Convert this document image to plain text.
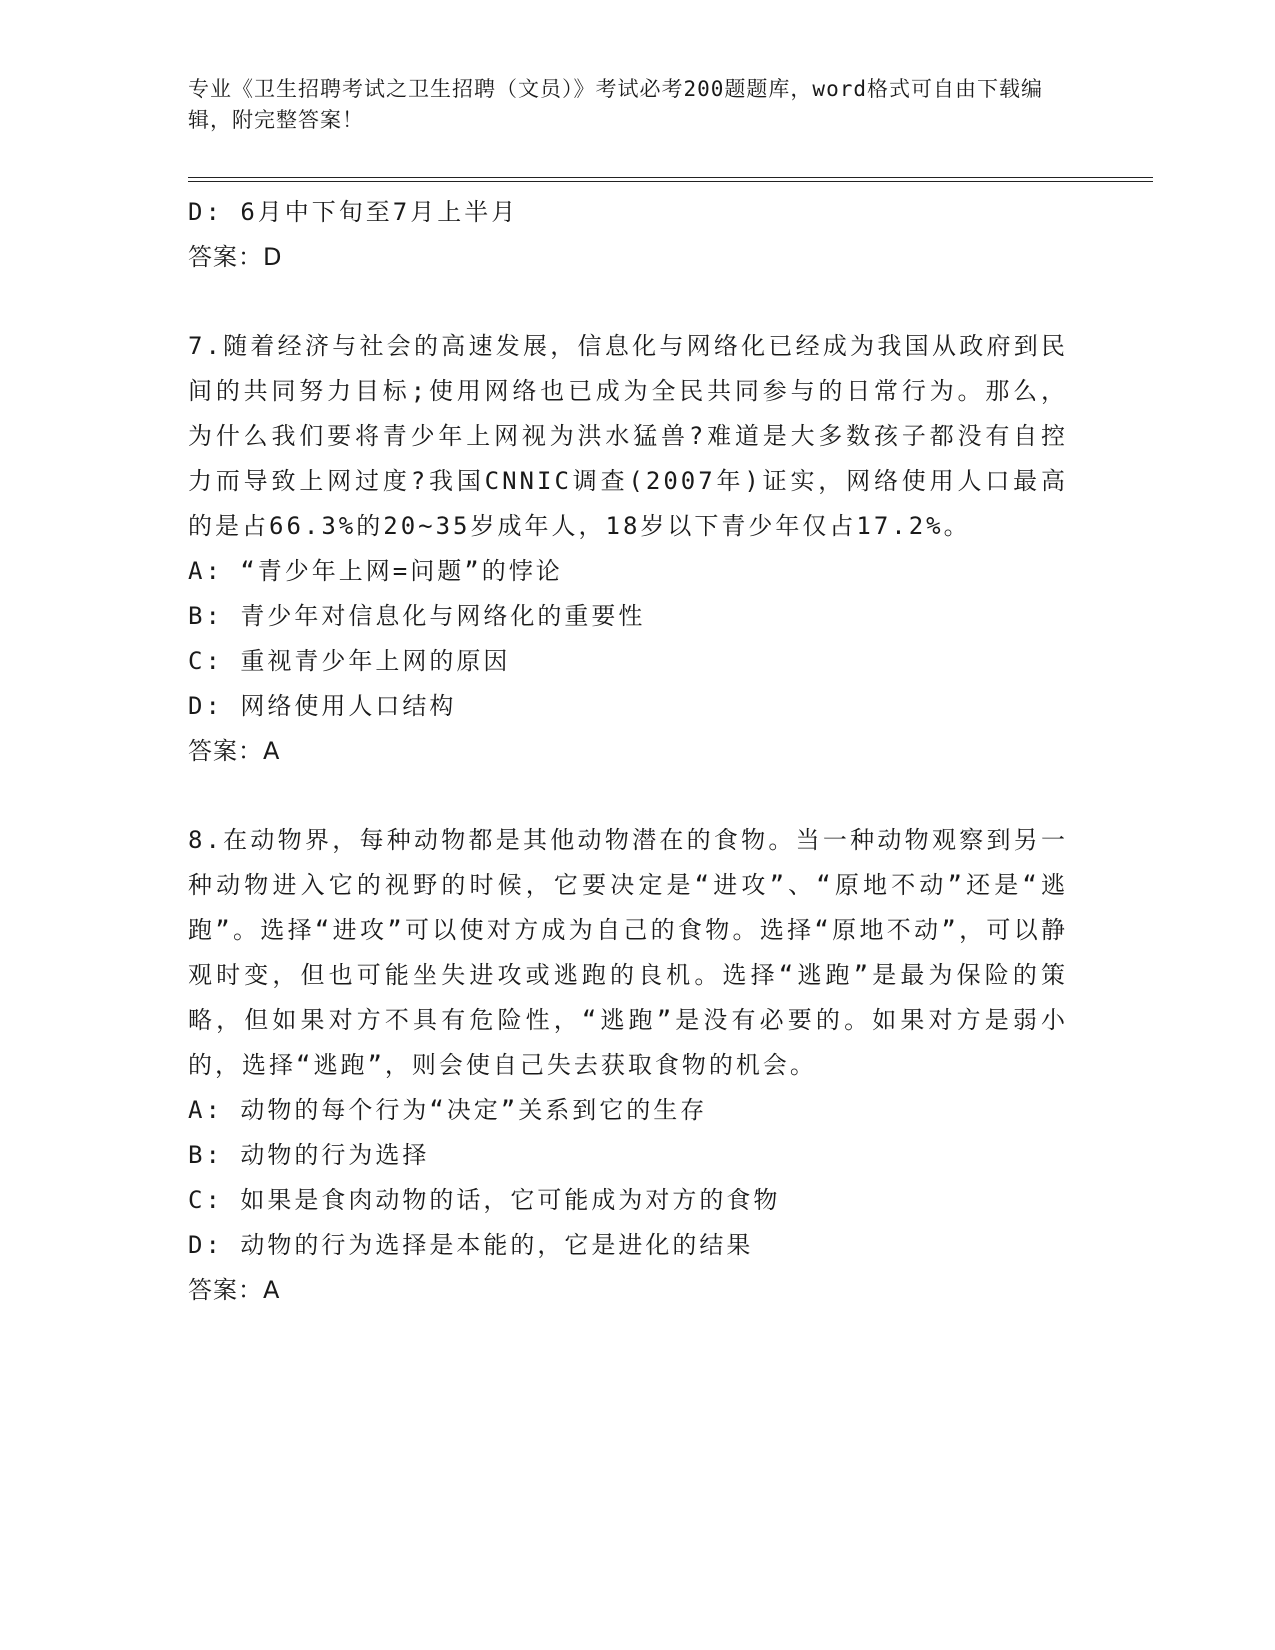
专业《卫生招聘考试之卫生招聘（文员）》考试必考200题题库，word格式可自由下载编辑，附完整答案！
D: 6月中下旬至7月上半月
答案：D
7.随着经济与社会的高速发展，信息化与网络化已经成为我国从政府到民间的共同努力目标;使用网络也已成为全民共同参与的日常行为。那么，为什么我们要将青少年上网视为洪水猛兽?难道是大多数孩子都没有自控力而导致上网过度?我国CNNIC调查(2007年)证实，网络使用人口最高的是占66.3%的20~35岁成年人，18岁以下青少年仅占17.2%。
A: “青少年上网=问题”的悖论
B: 青少年对信息化与网络化的重要性
C: 重视青少年上网的原因
D: 网络使用人口结构
答案：A
8.在动物界，每种动物都是其他动物潜在的食物。当一种动物观察到另一种动物进入它的视野的时候，它要决定是“进攻”、“原地不动”还是“逃跑”。选择“进攻”可以使对方成为自己的食物。选择“原地不动”，可以静观时变，但也可能坐失进攻或逃跑的良机。选择“逃跑”是最为保险的策略，但如果对方不具有危险性，“逃跑”是没有必要的。如果对方是弱小的，选择“逃跑”，则会使自己失去获取食物的机会。
A: 动物的每个行为“决定”关系到它的生存
B: 动物的行为选择
C: 如果是食肉动物的话，它可能成为对方的食物
D: 动物的行为选择是本能的，它是进化的结果
答案：A
